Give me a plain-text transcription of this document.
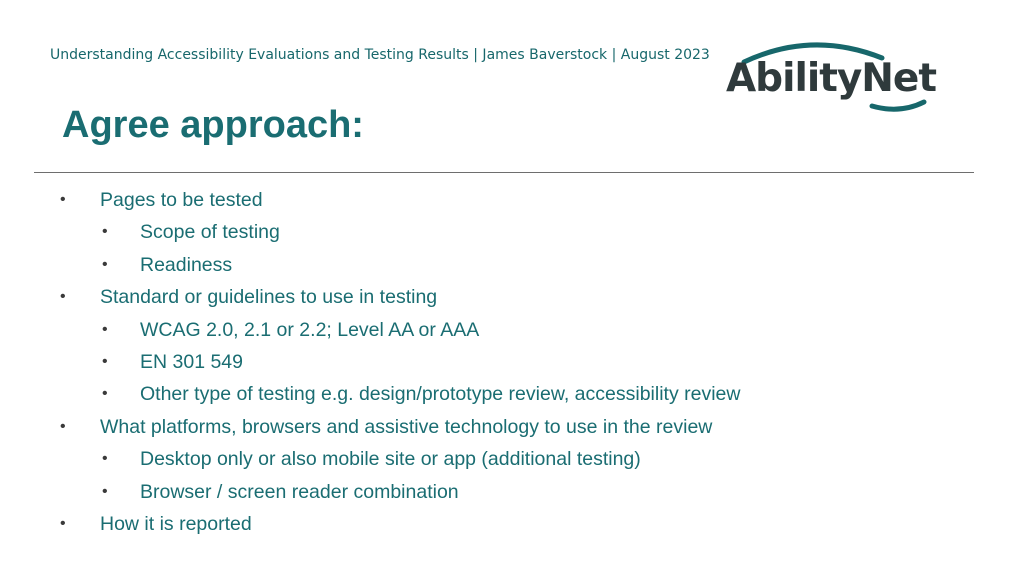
Understanding Accessibility Evaluations and Testing Results | James Baverstock | August 2023
AbilityNet
Agree approach:
• Pages to be tested
• Scope of testing
• Readiness
• Standard or guidelines to use in testing
• WCAG 2.0, 2.1 or 2.2; Level AA or AAA
• EN 301 549
• Other type of testing e.g. design/prototype review, accessibility review
• What platforms, browsers and assistive technology to use in the review
• Desktop only or also mobile site or app (additional testing)
• Browser / screen reader combination
• How it is reported
